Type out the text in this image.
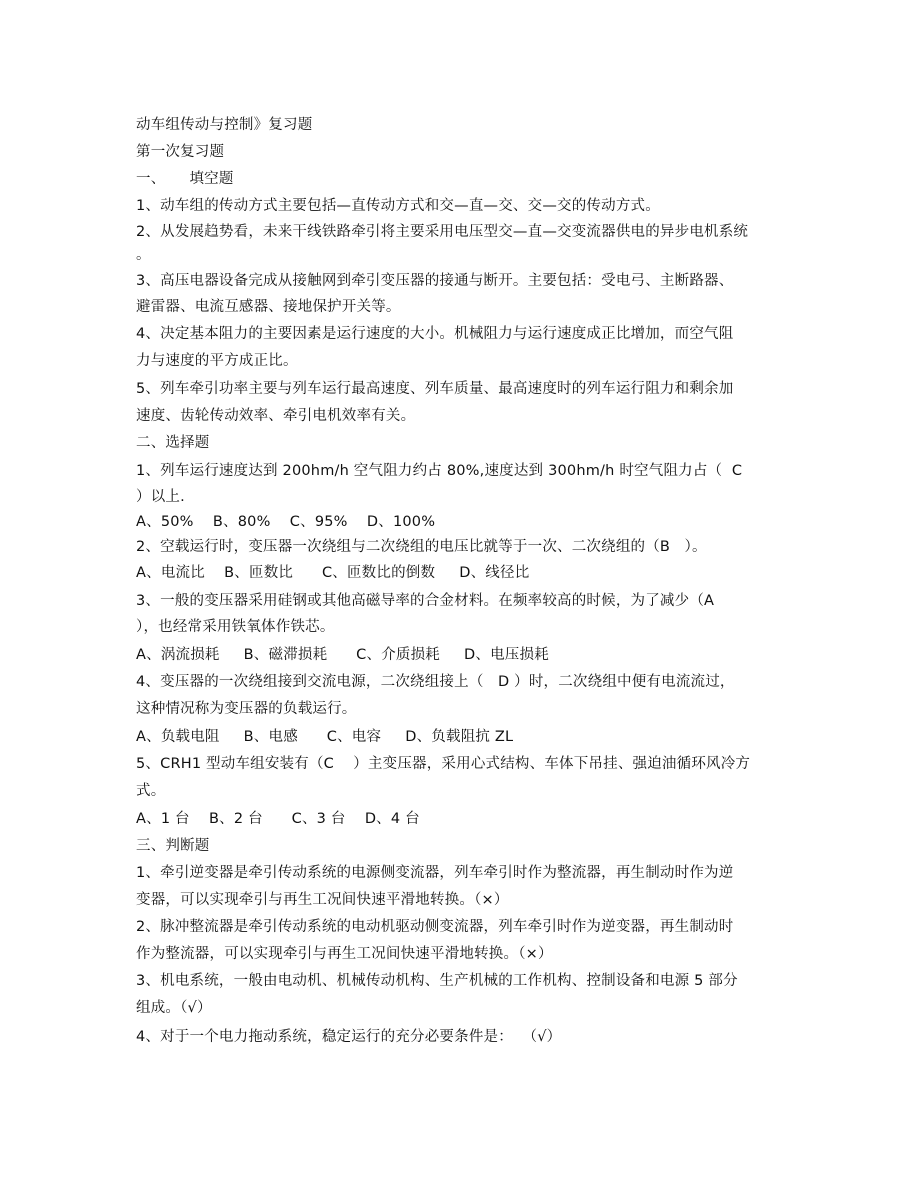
动车组传动与控制》复习题
第一次复习题
一、     填空题
1、动车组的传动方式主要包括—直传动方式和交—直—交、交—交的传动方式。
2、从发展趋势看，未来干线铁路牵引将主要采用电压型交—直—交变流器供电的异步电机系统
。
3、高压电器设备完成从接触网到牵引变压器的接通与断开。主要包括：受电弓、主断路器、
避雷器、电流互感器、接地保护开关等。
4、决定基本阻力的主要因素是运行速度的大小。机械阻力与运行速度成正比增加，而空气阻
力与速度的平方成正比。
5、列车牵引功率主要与列车运行最高速度、列车质量、最高速度时的列车运行阻力和剩余加
速度、齿轮传动效率、牵引电机效率有关。
二、选择题
1、列车运行速度达到 200hm/h 空气阻力约占 80%,速度达到 300hm/h 时空气阻力占（  C
）以上.
A、50%    B、80%    C、95%    D、100%
2、空载运行时，变压器一次绕组与二次绕组的电压比就等于一次、二次绕组的（B   ）。
A、电流比    B、匝数比      C、匝数比的倒数     D、线径比
3、一般的变压器采用硅钢或其他高磁导率的合金材料。在频率较高的时候，为了减少（A
），也经常采用铁氧体作铁芯。
A、涡流损耗     B、磁滞损耗      C、介质损耗     D、电压损耗
4、变压器的一次绕组接到交流电源，二次绕组接上（   D ）时，二次绕组中便有电流流过，
这种情况称为变压器的负载运行。
A、负载电阻     B、电感      C、电容     D、负载阻抗 ZL
5、CRH1 型动车组安装有（C    ）主变压器，采用心式结构、车体下吊挂、强迫油循环风冷方
式。
A、1 台    B、2 台      C、3 台    D、4 台
三、判断题
1、牵引逆变器是牵引传动系统的电源侧变流器，列车牵引时作为整流器，再生制动时作为逆
变器，可以实现牵引与再生工况间快速平滑地转换。（×）
2、脉冲整流器是牵引传动系统的电动机驱动侧变流器，列车牵引时作为逆变器，再生制动时
作为整流器，可以实现牵引与再生工况间快速平滑地转换。（×）
3、机电系统，一般由电动机、机械传动机构、生产机械的工作机构、控制设备和电源 5 部分
组成。（√）
4、对于一个电力拖动系统，稳定运行的充分必要条件是：  （√）
